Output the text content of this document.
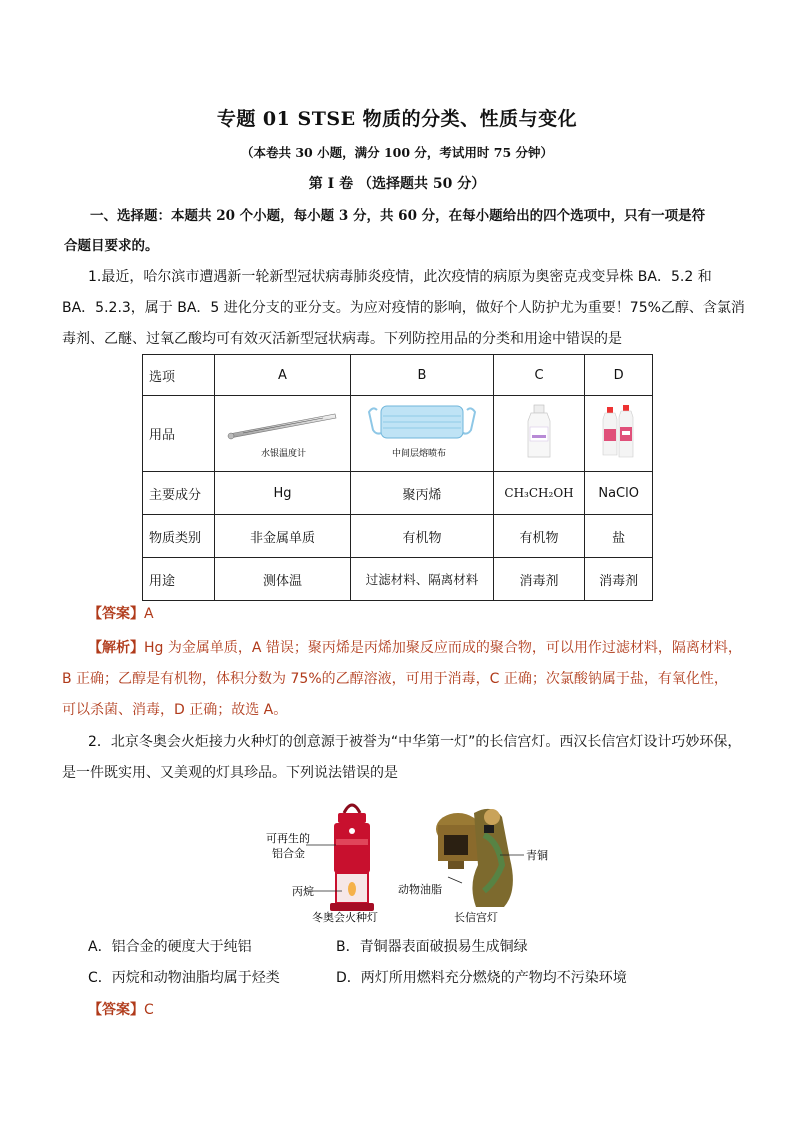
专题 01 STSE 物质的分类、性质与变化
（本卷共 30 小题，满分 100 分，考试用时 75 分钟）
第 I 卷 （选择题共 50 分）
一、选择题：本题共 20 个小题，每小题 3 分，共 60 分，在每小题给出的四个选项中，只有一项是符
合题目要求的。
1.最近，哈尔滨市遭遇新一轮新型冠状病毒肺炎疫情，此次疫情的病原为奥密克戎变异株 BA．5.2 和
BA．5.2.3，属于 BA．5 进化分支的亚分支。为应对疫情的影响，做好个人防护尤为重要！75%乙醇、含氯消
毒剂、乙醚、过氧乙酸均可有效灭活新型冠状病毒。下列防控用品的分类和用途中错误的是
选项	A	B	C	D
用品	水银温度计	中间层熔喷布

主要成分	Hg	聚丙烯	CH₃CH₂OH	NaClO
物质类别	非金属单质	有机物	有机物	盐
用途	测体温	过滤材料、隔离材料	消毒剂	消毒剂
【答案】A
【解析】Hg 为金属单质，A 错误；聚丙烯是丙烯加聚反应而成的聚合物，可以用作过滤材料，隔离材料，
B 正确；乙醇是有机物，体积分数为 75%的乙醇溶液，可用于消毒，C 正确；次氯酸钠属于盐，有氧化性，
可以杀菌、消毒，D 正确；故选 A。
2．北京冬奥会火炬接力火种灯的创意源于被誉为“中华第一灯”的长信宫灯。西汉长信宫灯设计巧妙环保，
是一件既实用、又美观的灯具珍品。下列说法错误的是
可再生的
铝合金
丙烷
冬奥会火种灯
青铜
动物油脂
长信宫灯
A．铝合金的硬度大于纯铝	B．青铜器表面破损易生成铜绿
C．丙烷和动物油脂均属于烃类	D．两灯所用燃料充分燃烧的产物均不污染环境
【答案】C
